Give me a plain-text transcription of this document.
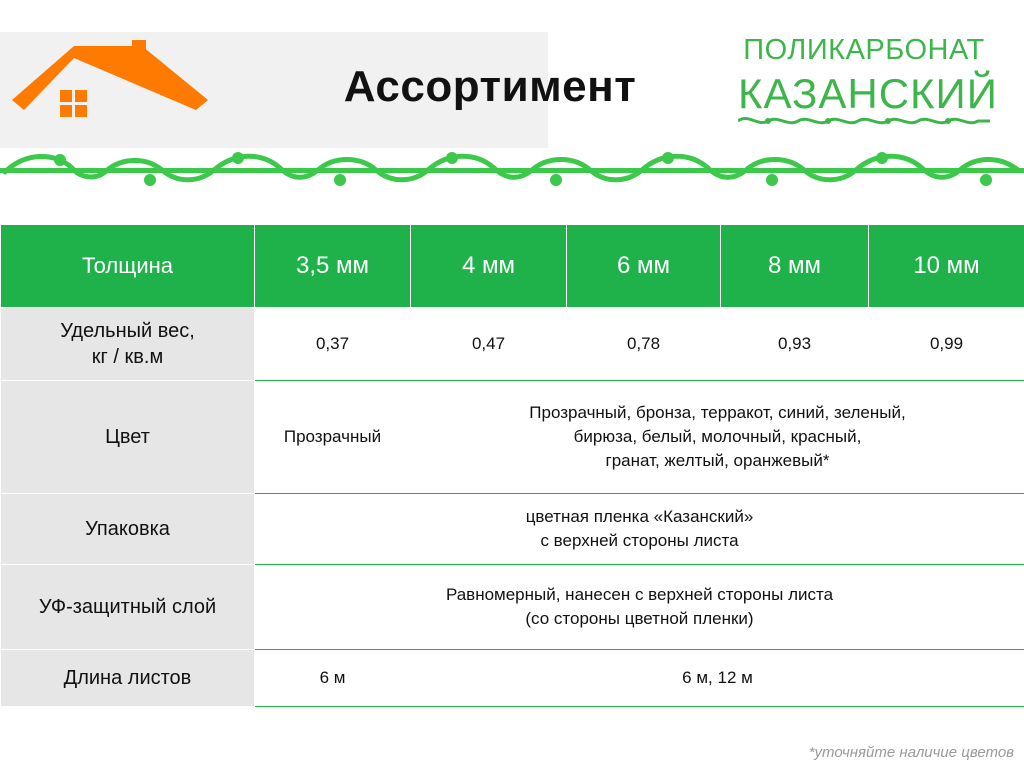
Ассортимент
ПОЛИКАРБОНАТ
КАЗАНСКИЙ
Толщина	3,5 мм	4 мм	6 мм	8 мм	10 мм

Удельный вес,
кг / кв.м	0,37	0,47	0,78	0,93	0,99
Цвет	Прозрачный	Прозрачный, бронза, терракот, синий, зеленый,
бирюза, белый, молочный, красный,
гранат, желтый, оранжевый*			

Упаковка	цветная пленка «Казанский»
с верхней стороны листа				

УФ-защитный слой	Равномерный, нанесен с верхней стороны листа
(со стороны цветной пленки)				

Длина листов	6 м	6 м, 12 м			
*уточняйте наличие цветов
